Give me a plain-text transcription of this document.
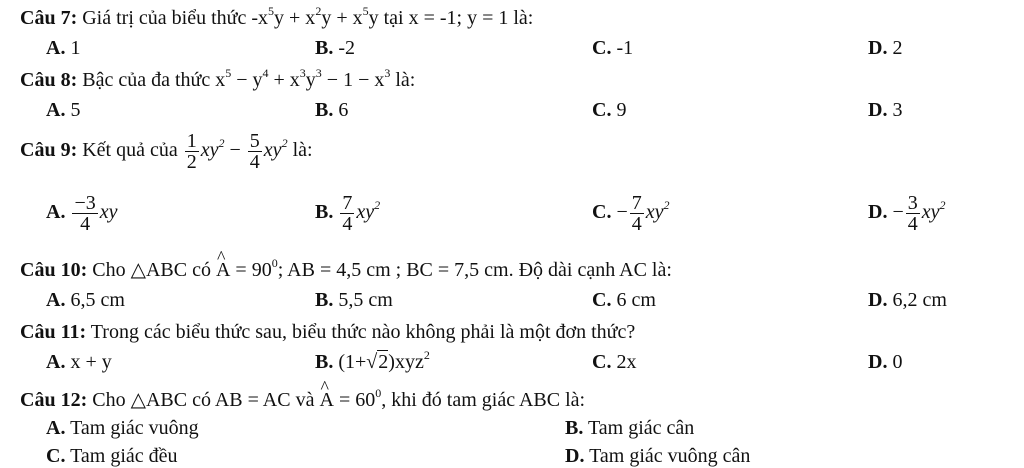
Câu 7: Giá trị của biểu thức $-x^5y + x^2y + x^5y$ tại x = -1; y = 1 là:
A. 1	B. -2	C. -1	D. 2
Câu 8: Bậc của đa thức $x^5 - y^4 + x^3y^3 - 1 - x^3$ là:
A. 5	B. 6	C. 9	D. 3
Câu 9: Kết quả của $\frac{1}{2} xy^2 - \frac{5}{4} xy^2$ là:
A. $\frac{-3}{4}$ xy	B. $\frac{7}{4} xy^2$	C. − $\frac{7}{4} xy^2$	D. − $\frac{3}{4} xy^2$
Câu 10: Cho △ABC có ^ $A = 90^0$; AB = 4,5 cm ; BC = 7,5 cm. Độ dài cạnh AC là:
A. 6,5 cm	B. 5,5 cm	C. 6 cm	D. 6,2 cm
Câu 11: Trong các biểu thức sau, biểu thức nào không phải là một đơn thức?
A. x + y	B. (1+√2)xyz$^2$	C. 2x	D. 0
Câu 12: Cho △ABC có AB = AC và ^ $A = 60^0$, khi đó tam giác ABC là:
A. Tam giác vuông	B. Tam giác cân
C. Tam giác đều	D. Tam giác vuông cân
